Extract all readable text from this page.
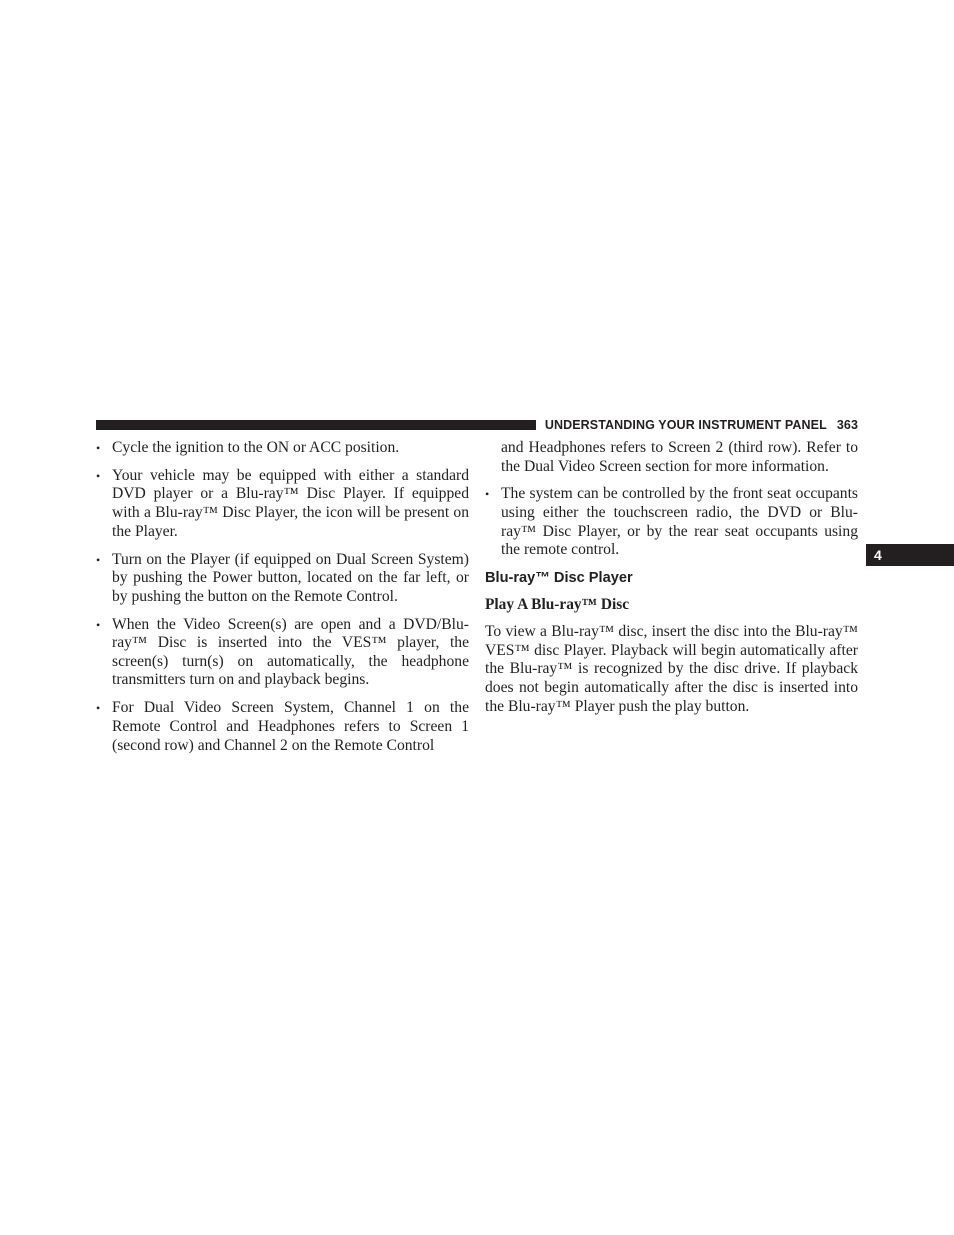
UNDERSTANDING YOUR INSTRUMENT PANEL 363
4
• Cycle the ignition to the ON or ACC position.
• Your vehicle may be equipped with either a standard DVD player or a Blu-ray™ Disc Player. If equipped with a Blu-ray™ Disc Player, the icon will be present on the Player.
• Turn on the Player (if equipped on Dual Screen System) by pushing the Power button, located on the far left, or by pushing the button on the Remote Control.
• When the Video Screen(s) are open and a DVD/Blu-ray™ Disc is inserted into the VES™ player, the screen(s) turn(s) on automatically, the headphone transmitters turn on and playback begins.
• For Dual Video Screen System, Channel 1 on the Remote Control and Headphones refers to Screen 1 (second row) and Channel 2 on the Remote Control
and Headphones refers to Screen 2 (third row). Refer to the Dual Video Screen section for more information.
• The system can be controlled by the front seat occupants using either the touchscreen radio, the DVD or Blu-ray™ Disc Player, or by the rear seat occupants using the remote control.
Blu-ray™ Disc Player
Play A Blu-ray™ Disc
To view a Blu-ray™ disc, insert the disc into the Blu-ray™ VES™ disc Player. Playback will begin automatically after the Blu-ray™ is recognized by the disc drive. If playback does not begin automatically after the disc is inserted into the Blu-ray™ Player push the play button.
